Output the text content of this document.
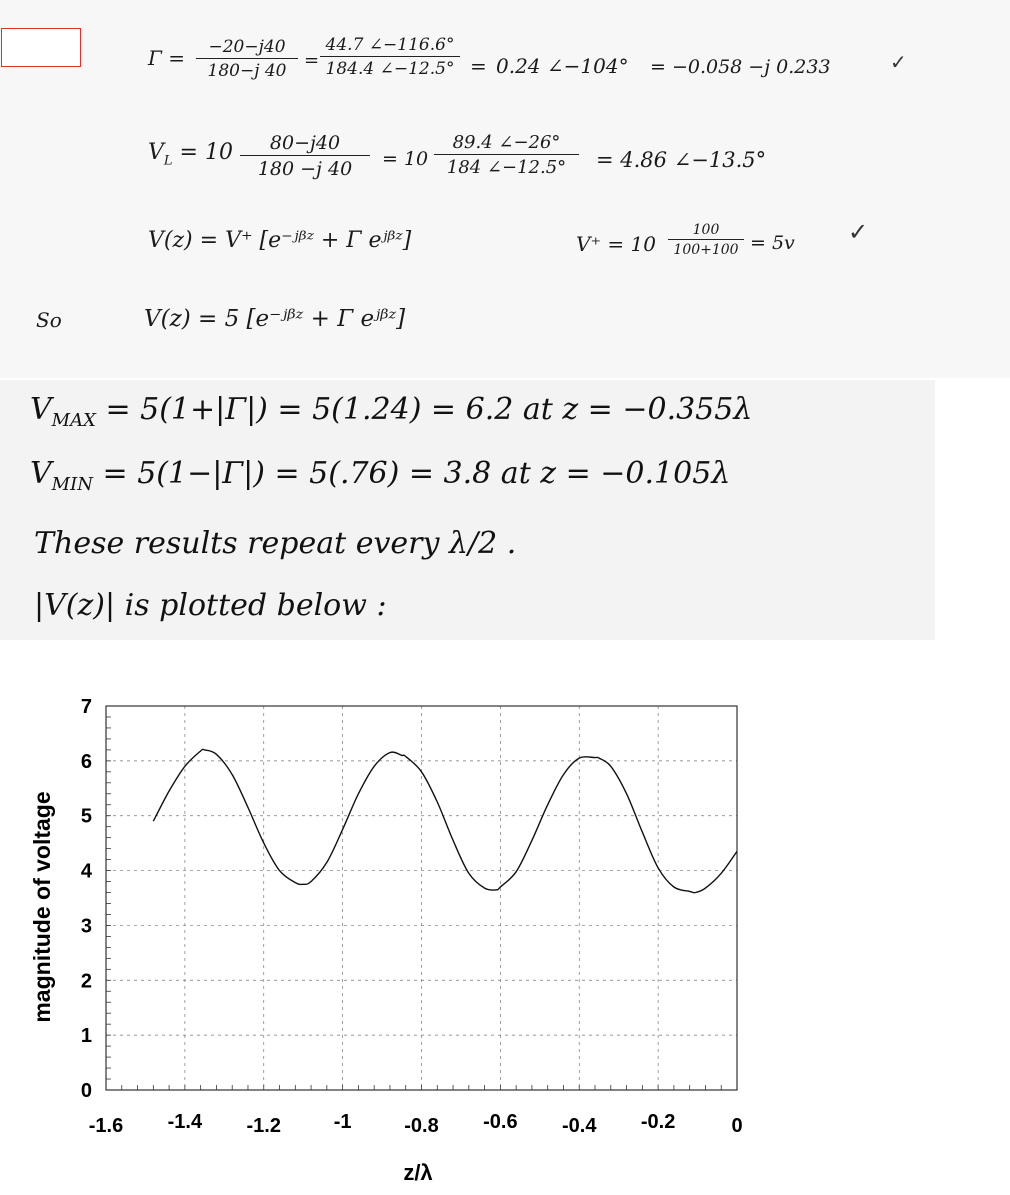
$\Gamma = \frac{-20-j40}{180-j 40} = \frac{44.7 \angle-116.6^\circ}{184.4 \angle-12.5^\circ} = 0.24$ ∠−104° = −0.058 −j 0.233	✓
$V_L = 10 \frac{80-j40}{180 -j 40} = 10 \frac{89.4 \angle-26^\circ}{184 \angle-12.5^\circ} = 4.86$ ∠−13.5°
V(z) = V⁺ [e⁻ʲᵝᶻ + Γ eʲᵝᶻ]	$V^+ = 10 \frac{100}{100+100} = 5v$ ✓
So	V(z) = 5 [e⁻ʲᵝᶻ + Γ eʲᵝᶻ]
$V_{MAX} = 5(1+|\Gamma|) = 5(1.24) = 6.2$ at z = −0.355λ
$V_{MIN} = 5(1-|\Gamma|) = 5(.76) = 3.8$ at z = −0.105λ
These results repeat every λ/2 .
|V(z)| is plotted below :
-1.6 -1.4 -1.2	-1	-0.8 -0.6 -0.4 -0.2	0
0
1
2
3
4
5
6
7
z/λ
magnitude of voltage
